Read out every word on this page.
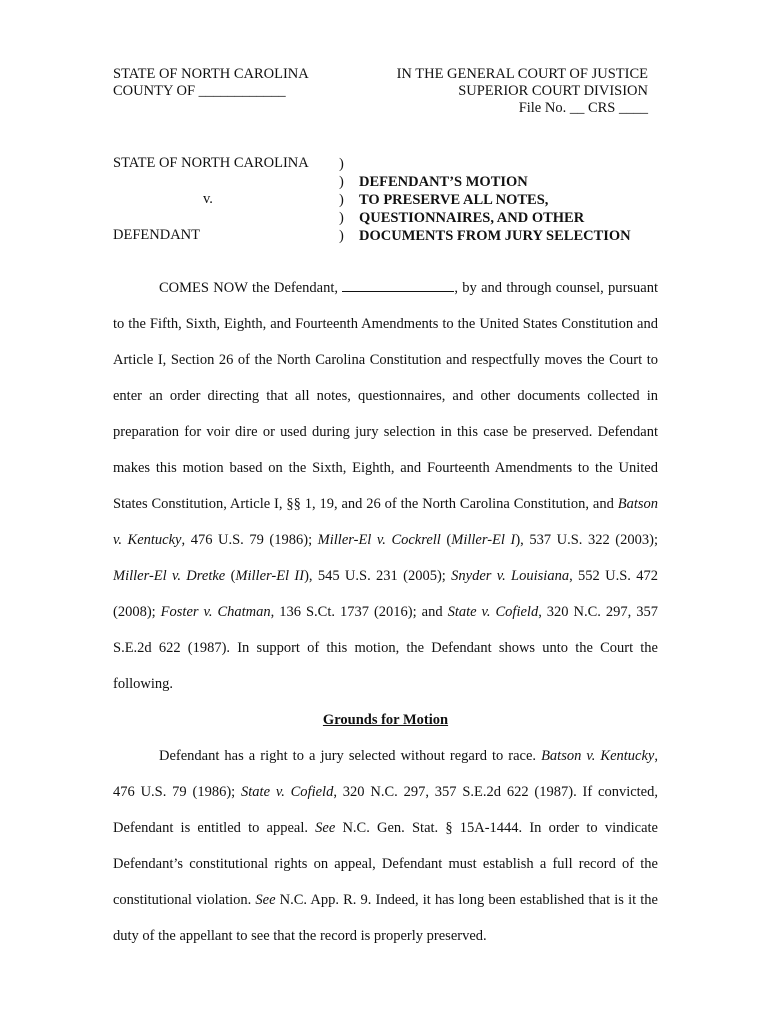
STATE OF NORTH CAROLINA
COUNTY OF ____________
IN THE GENERAL COURT OF JUSTICE
SUPERIOR COURT DIVISION
File No. __ CRS ____
STATE OF NORTH CAROLINA
v.
DEFENDANT
)
)
)
)
)
DEFENDANT’S MOTION
TO PRESERVE ALL NOTES,
QUESTIONNAIRES, AND OTHER
DOCUMENTS FROM JURY SELECTION

COMES NOW the Defendant,	, by and through counsel, pursuant to the Fifth, Sixth, Eighth, and Fourteenth Amendments to the United States Constitution and Article I, Section 26 of the North Carolina Constitution and respectfully moves the Court to enter an order directing that all notes, questionnaires, and other documents collected in preparation for voir dire or used during jury selection in this case be preserved. Defendant makes this motion based on the Sixth, Eighth, and Fourteenth Amendments to the United States Constitution, Article I, §§ 1, 19, and 26 of the North Carolina Constitution, and Batson v. Kentucky, 476 U.S. 79 (1986); Miller-El v. Cockrell (Miller-El I), 537 U.S. 322 (2003); Miller-El v. Dretke (Miller-El II), 545 U.S. 231 (2005); Snyder v. Louisiana, 552 U.S. 472 (2008); Foster v. Chatman, 136 S.Ct. 1737 (2016); and State v. Cofield, 320 N.C. 297, 357 S.E.2d 622 (1987). In support of this motion, the Defendant shows unto the Court the following.

Grounds for Motion

Defendant has a right to a jury selected without regard to race. Batson v. Kentucky, 476 U.S. 79 (1986); State v. Cofield, 320 N.C. 297, 357 S.E.2d 622 (1987). If convicted, Defendant is entitled to appeal. See N.C. Gen. Stat. § 15A-1444. In order to vindicate Defendant’s constitutional rights on appeal, Defendant must establish a full record of the constitutional violation. See N.C. App. R. 9. Indeed, it has long been established that is it the duty of the appellant to see that the record is properly preserved.
